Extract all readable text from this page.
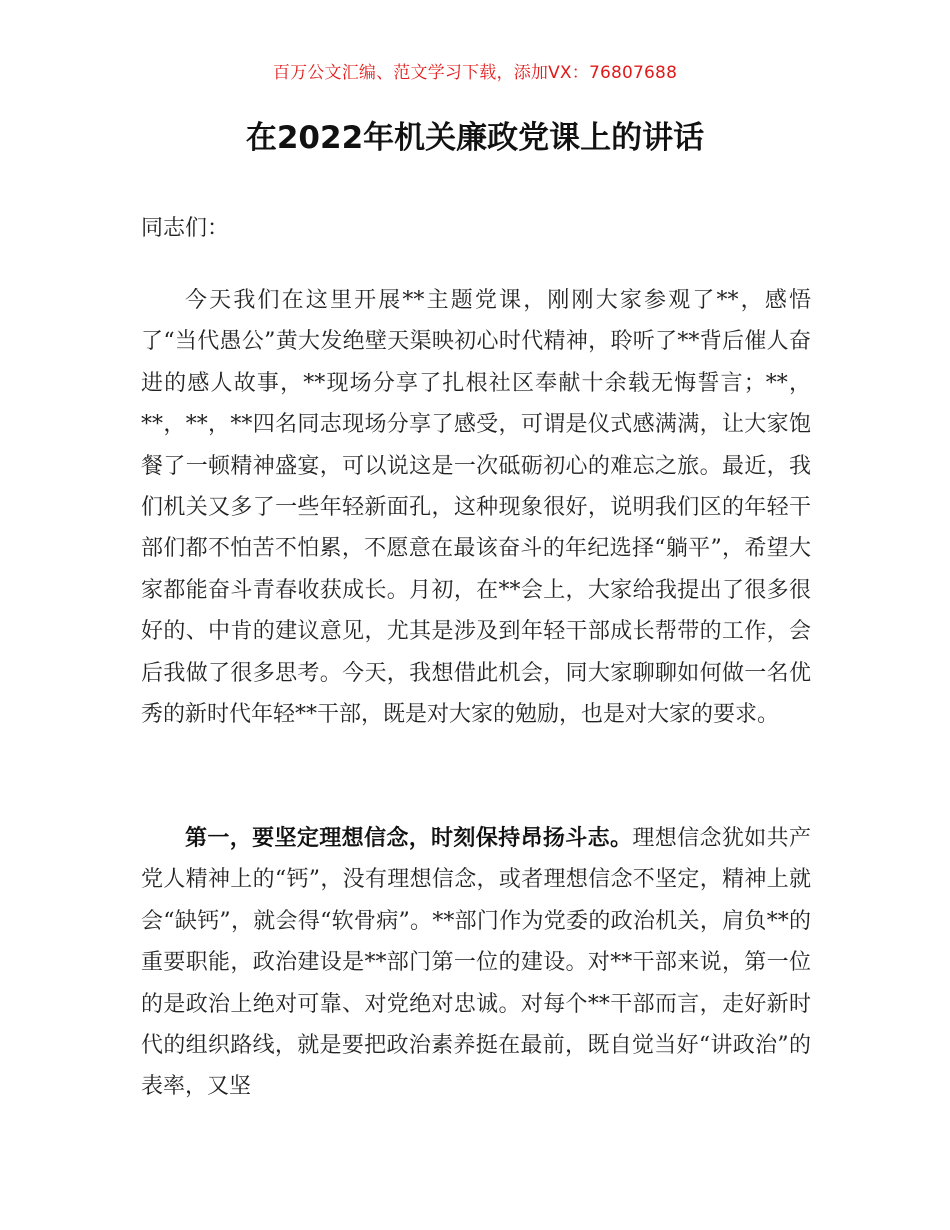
百万公文汇编、范文学习下载，添加VX：76807688
在2022年机关廉政党课上的讲话

同志们：

今天我们在这里开展**主题党课，刚刚大家参观了**，感悟了“当代愚公”黄大发绝壁天渠映初心时代精神，聆听了**背后催人奋进的感人故事，**现场分享了扎根社区奉献十余载无悔誓言；**，**，**，**四名同志现场分享了感受，可谓是仪式感满满，让大家饱餐了一顿精神盛宴，可以说这是一次砥砺初心的难忘之旅。最近，我们机关又多了一些年轻新面孔，这种现象很好，说明我们区的年轻干部们都不怕苦不怕累，不愿意在最该奋斗的年纪选择“躺平”，希望大家都能奋斗青春收获成长。月初，在**会上，大家给我提出了很多很好的、中肯的建议意见，尤其是涉及到年轻干部成长帮带的工作，会后我做了很多思考。今天，我想借此机会，同大家聊聊如何做一名优秀的新时代年轻**干部，既是对大家的勉励，也是对大家的要求。

第一，要坚定理想信念，时刻保持昂扬斗志。理想信念犹如共产党人精神上的“钙”，没有理想信念，或者理想信念不坚定，精神上就会“缺钙”，就会得“软骨病”。**部门作为党委的政治机关，肩负**的重要职能，政治建设是**部门第一位的建设。对**干部来说，第一位的是政治上绝对可靠、对党绝对忠诚。对每个**干部而言，走好新时代的组织路线，就是要把政治素养挺在最前，既自觉当好“讲政治”的表率，又坚
